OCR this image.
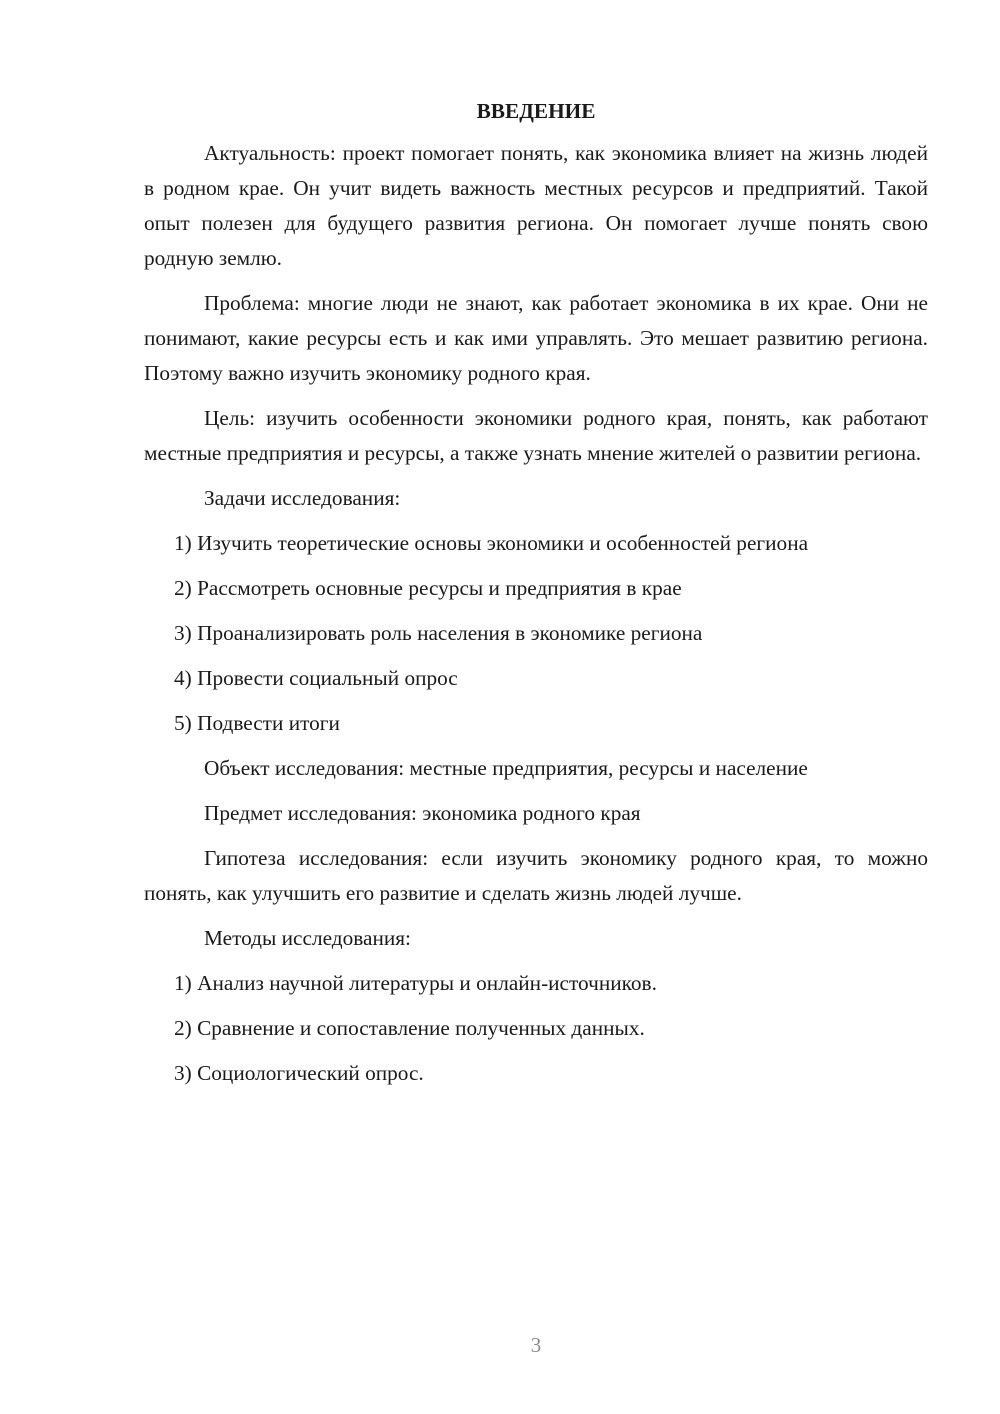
ВВЕДЕНИЕ

Актуальность: проект помогает понять, как экономика влияет на жизнь людей в родном крае. Он учит видеть важность местных ресурсов и предприятий. Такой опыт полезен для будущего развития региона. Он помогает лучше понять свою родную землю.

Проблема: многие люди не знают, как работает экономика в их крае. Они не понимают, какие ресурсы есть и как ими управлять. Это мешает развитию региона. Поэтому важно изучить экономику родного края.

Цель: изучить особенности экономики родного края, понять, как работают местные предприятия и ресурсы, а также узнать мнение жителей о развитии региона.

Задачи исследования:
1) Изучить теоретические основы экономики и особенностей региона
2) Рассмотреть основные ресурсы и предприятия в крае
3) Проанализировать роль населения в экономике региона
4) Провести социальный опрос
5) Подвести итоги
Объект исследования: местные предприятия, ресурсы и население
Предмет исследования: экономика родного края

Гипотеза исследования: если изучить экономику родного края, то можно понять, как улучшить его развитие и сделать жизнь людей лучше.

Методы исследования:
1) Анализ научной литературы и онлайн-источников.
2) Сравнение и сопоставление полученных данных.
3) Социологический опрос.
3
